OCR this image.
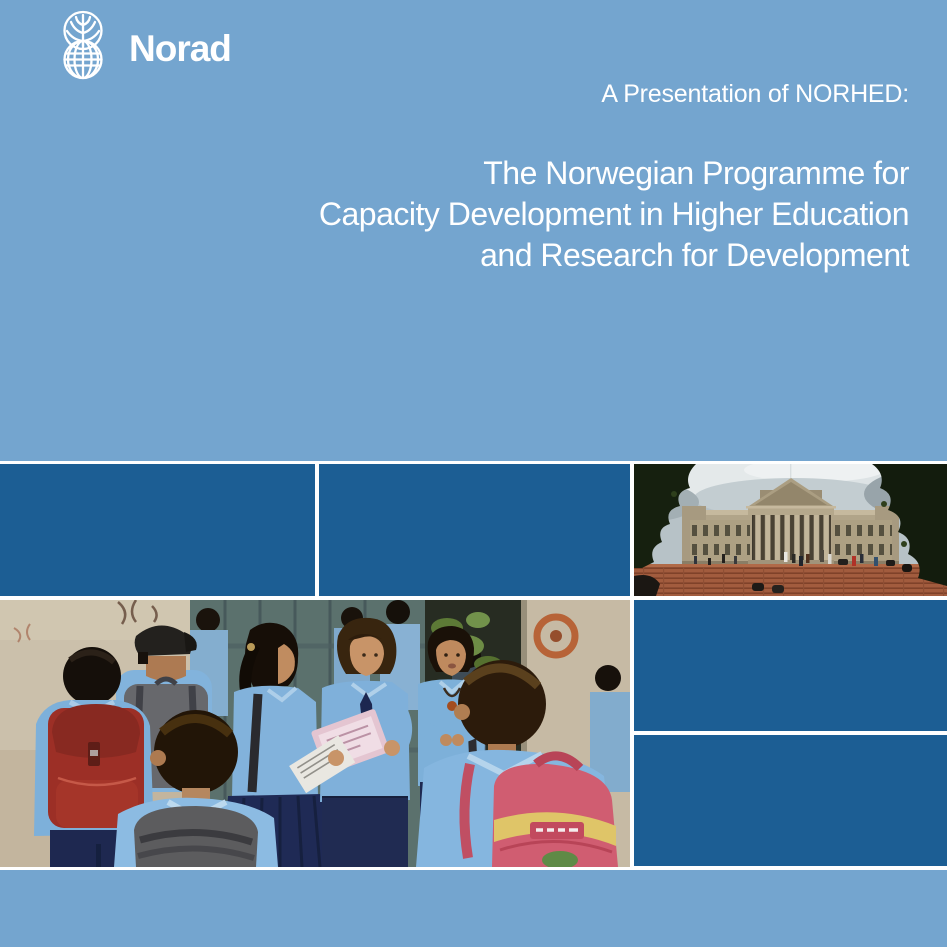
Norad
A Presentation of NORHED:
The Norwegian Programme for
Capacity Development in Higher Education
and Research for Development
